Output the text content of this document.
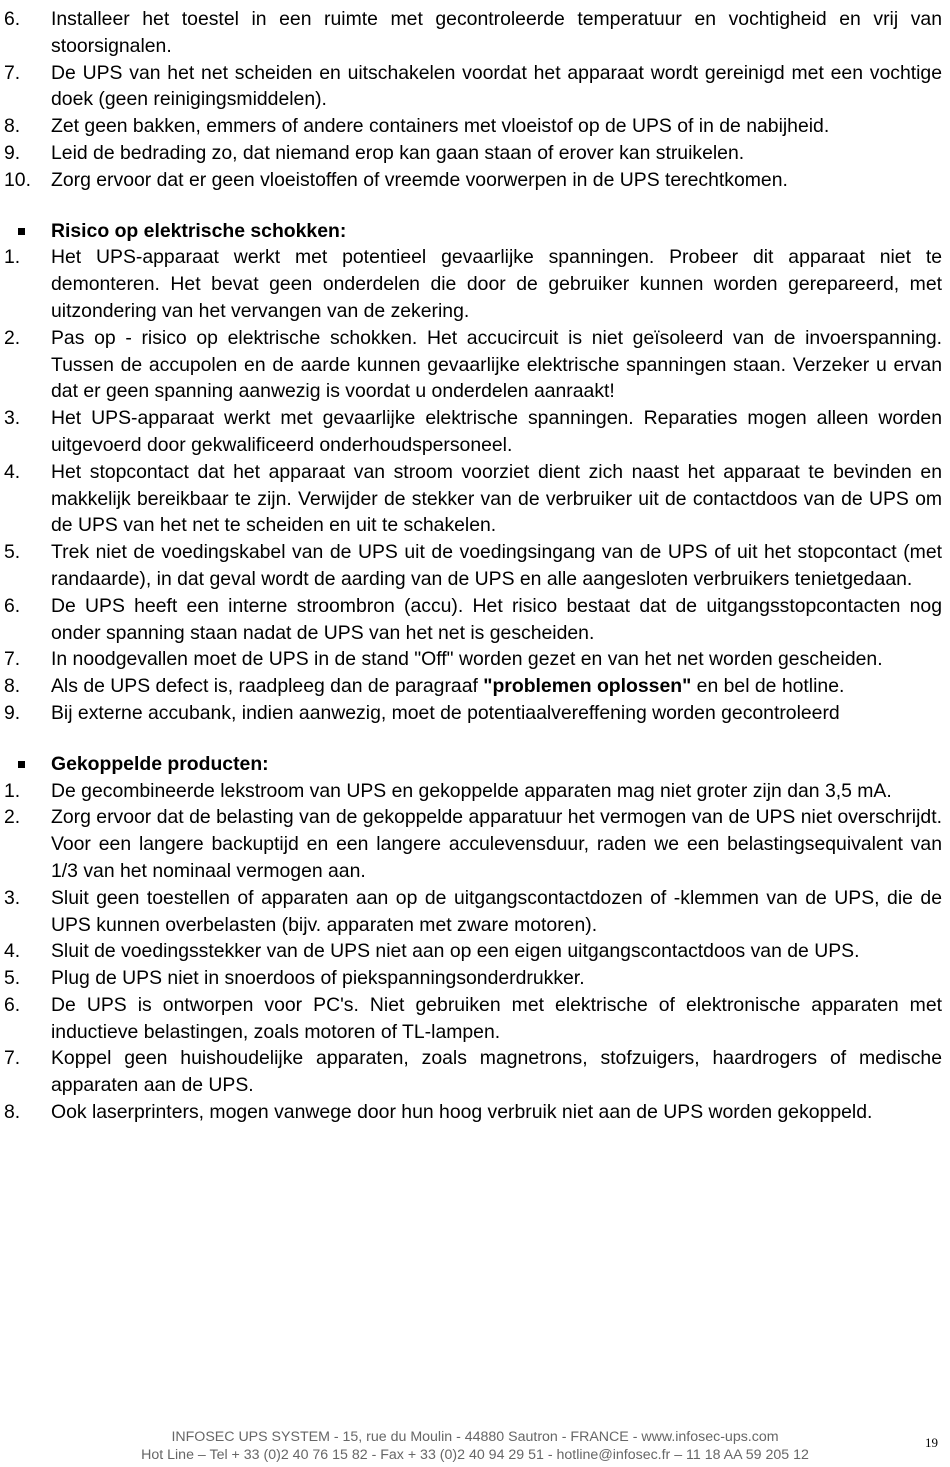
6. Installeer het toestel in een ruimte met gecontroleerde temperatuur en vochtigheid en vrij van stoorsignalen.
7. De UPS van het net scheiden en uitschakelen voordat het apparaat wordt gereinigd met een vochtige doek (geen reinigingsmiddelen).
8. Zet geen bakken, emmers of andere containers met vloeistof op de UPS of in de nabijheid.
9. Leid de bedrading zo, dat niemand erop kan gaan staan of erover kan struikelen.
10. Zorg ervoor dat er geen vloeistoffen of vreemde voorwerpen in de UPS terechtkomen.
Risico op elektrische schokken:
1. Het UPS-apparaat werkt met potentieel gevaarlijke spanningen. Probeer dit apparaat niet te demonteren. Het bevat geen onderdelen die door de gebruiker kunnen worden gerepareerd, met uitzondering van het vervangen van de zekering.
2. Pas op - risico op elektrische schokken. Het accucircuit is niet geïsoleerd van de invoerspanning. Tussen de accupolen en de aarde kunnen gevaarlijke elektrische spanningen staan. Verzeker u ervan dat er geen spanning aanwezig is voordat u onderdelen aanraakt!
3. Het UPS-apparaat werkt met gevaarlijke elektrische spanningen. Reparaties mogen alleen worden uitgevoerd door gekwalificeerd onderhoudspersoneel.
4. Het stopcontact dat het apparaat van stroom voorziet dient zich naast het apparaat te bevinden en makkelijk bereikbaar te zijn. Verwijder de stekker van de verbruiker uit de contactdoos van de UPS om de UPS van het net te scheiden en uit te schakelen.
5. Trek niet de voedingskabel van de UPS uit de voedingsingang van de UPS of uit het stopcontact (met randaarde), in dat geval wordt de aarding van de UPS en alle aangesloten verbruikers tenietgedaan.
6. De UPS heeft een interne stroombron (accu). Het risico bestaat dat de uitgangsstopcontacten nog onder spanning staan nadat de UPS van het net is gescheiden.
7. In noodgevallen moet de UPS in de stand "Off" worden gezet en van het net worden gescheiden.
8. Als de UPS defect is, raadpleeg dan de paragraaf "problemen oplossen" en bel de hotline.
9. Bij externe accubank, indien aanwezig, moet de potentiaalvereffening worden gecontroleerd
Gekoppelde producten:
1. De gecombineerde lekstroom van UPS en gekoppelde apparaten mag niet groter zijn dan 3,5 mA.
2. Zorg ervoor dat de belasting van de gekoppelde apparatuur het vermogen van de UPS niet overschrijdt. Voor een langere backuptijd en een langere acculevensduur, raden we een belastingsequivalent van 1/3 van het nominaal vermogen aan.
3. Sluit geen toestellen of apparaten aan op de uitgangscontactdozen of -klemmen van de UPS, die de UPS kunnen overbelasten (bijv. apparaten met zware motoren).
4. Sluit de voedingsstekker van de UPS niet aan op een eigen uitgangscontactdoos van de UPS.
5. Plug de UPS niet in snoerdoos of piekspanningsonderdrukker.
6. De UPS is ontworpen voor PC's. Niet gebruiken met elektrische of elektronische apparaten met inductieve belastingen, zoals motoren of TL-lampen.
7. Koppel geen huishoudelijke apparaten, zoals magnetrons, stofzuigers, haardrogers of medische apparaten aan de UPS.
8. Ook laserprinters, mogen vanwege door hun hoog verbruik niet aan de UPS worden gekoppeld.
INFOSEC UPS SYSTEM - 15, rue du Moulin - 44880 Sautron - FRANCE - www.infosec-ups.com
Hot Line – Tel + 33 (0)2 40 76 15 82 - Fax + 33 (0)2 40 94 29 51 - hotline@infosec.fr – 11 18 AA 59 205 12
19
